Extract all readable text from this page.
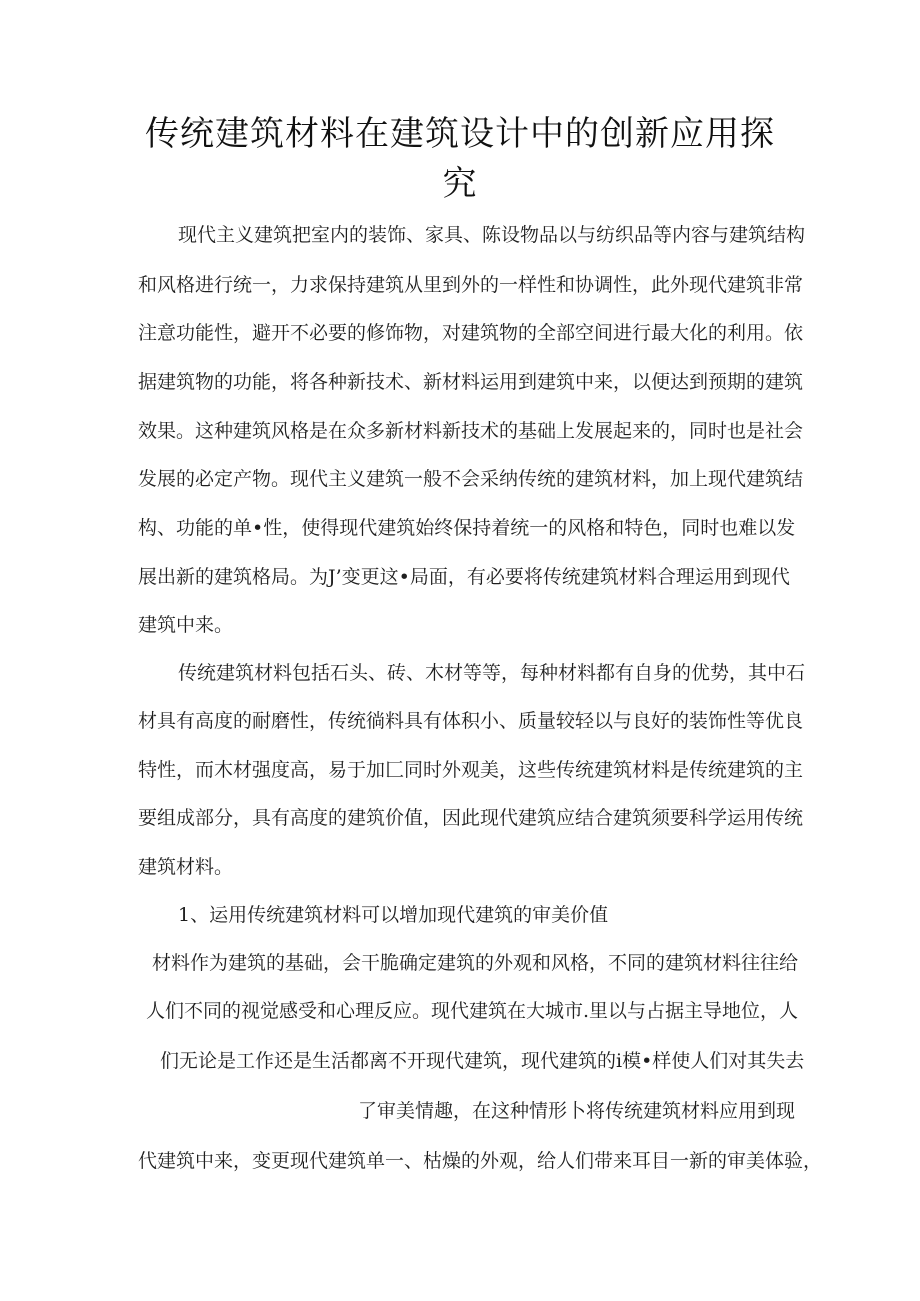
传统建筑材料在建筑设计中的创新应用探
究
现代主义建筑把室内的装饰、家具、陈设物品以与纺织品等内容与建筑结构
和风格进行统一，力求保持建筑从里到外的一样性和协调性，此外现代建筑非常
注意功能性，避开不必要的修饰物，对建筑物的全部空间进行最大化的利用。依
据建筑物的功能，将各种新技术、新材料运用到建筑中来，以便达到预期的建筑
效果。这种建筑风格是在众多新材料新技术的基础上发展起来的，同时也是社会
发展的必定产物。现代主义建筑一般不会采纳传统的建筑材料，加上现代建筑结
构、功能的单•性，使得现代建筑始终保持着统一的风格和特色，同时也难以发
展出新的建筑格局。为J’变更这•局面，有必要将传统建筑材料合理运用到现代
建筑中来。
传统建筑材料包括石头、砖、木材等等，每种材料都有自身的优势，其中石
材具有高度的耐磨性，传统徜料具有体积小、质量较轻以与良好的装饰性等优良
特性，而木材强度高，易于加匚同时外观美，这些传统建筑材料是传统建筑的主
要组成部分，具有高度的建筑价值，因此现代建筑应结合建筑须要科学运用传统
建筑材料。
1、运用传统建筑材料可以增加现代建筑的审美价值
材料作为建筑的基础，会干脆确定建筑的外观和风格，不同的建筑材料往往给
人们不同的视觉感受和心理反应。现代建筑在大城市.里以与占据主导地位，人
们无论是工作还是生活都离不开现代建筑，现代建筑的i模•样使人们对其失去
了审美情趣，在这种情形卜将传统建筑材料应用到现
代建筑中来，变更现代建筑单一、枯燥的外观，给人们带来耳目一新的审美体验，
